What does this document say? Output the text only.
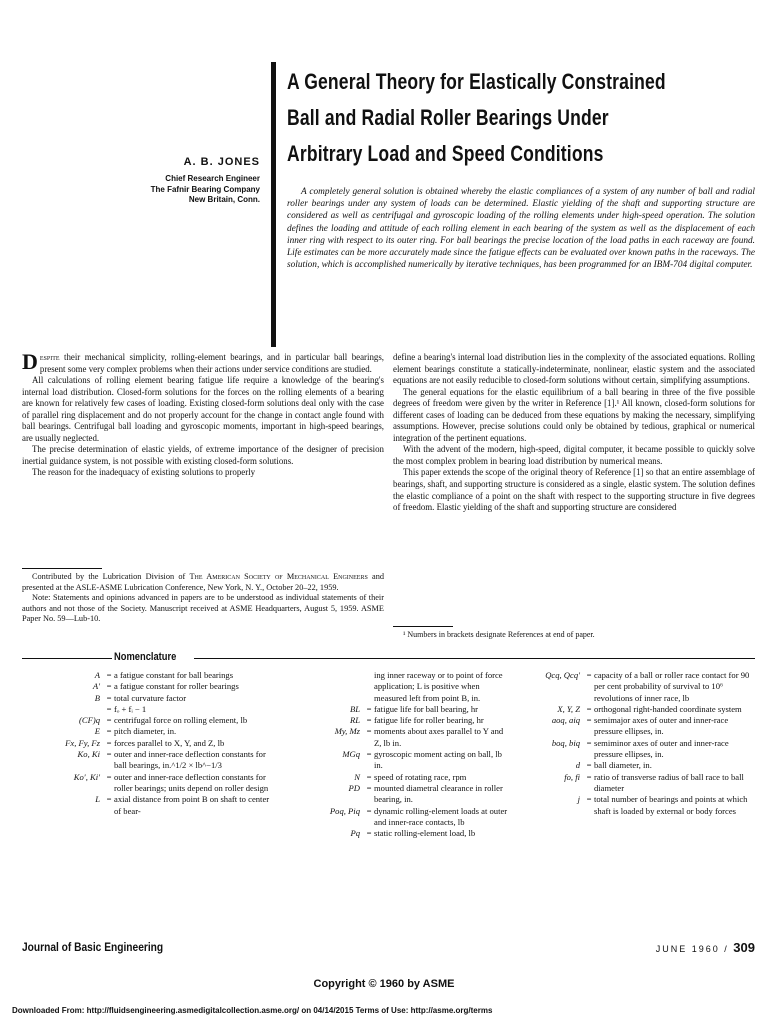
A General Theory for Elastically Constrained
Ball and Radial Roller Bearings Under
Arbitrary Load and Speed Conditions
A. B. JONES
Chief Research Engineer
The Fafnir Bearing Company
New Britain, Conn.
A completely general solution is obtained whereby the elastic compliances of a system of any number of ball and radial roller bearings under any system of loads can be determined. Elastic yielding of the shaft and supporting structure are considered as well as centrifugal and gyroscopic loading of the rolling elements under high-speed operation. The solution defines the loading and attitude of each rolling element in each bearing of the system as well as the displacement of each inner ring with respect to its outer ring. For ball bearings the precise location of the load paths in each raceway are found. Life estimates can be more accurately made since the fatigue effects can be evaluated over known paths in the raceways. The solution, which is accomplished numerically by iterative techniques, has been programmed for an IBM-704 digital computer.

Despite their mechanical simplicity, rolling-element bearings, and in particular ball bearings, present some very complex problems when their actions under service conditions are studied.

All calculations of rolling element bearing fatigue life require a knowledge of the bearing's internal load distribution. Closed-form solutions for the forces on the rolling elements of a bearing are known for relatively few cases of loading. Existing closed-form solutions deal only with the case of parallel ring displacement and do not properly account for the change in contact angle found with ball bearings. Centrifugal ball loading and gyroscopic moments, important in high-speed bearings, are usually neglected.

The precise determination of elastic yields, of extreme importance of the designer of precision inertial guidance system, is not possible with existing closed-form solutions.

The reason for the inadequacy of existing solutions to properly

Contributed by the Lubrication Division of The American Society of Mechanical Engineers and presented at the ASLE-ASME Lubrication Conference, New York, N. Y., October 20–22, 1959.

Note: Statements and opinions advanced in papers are to be understood as individual statements of their authors and not those of the Society. Manuscript received at ASME Headquarters, August 5, 1959. ASME Paper No. 59—Lub-10.

define a bearing's internal load distribution lies in the complexity of the associated equations. Rolling element bearings constitute a statically-indeterminate, nonlinear, elastic system and the associated equations are not easily reducible to closed-form solutions without certain, simplifying assumptions.

The general equations for the elastic equilibrium of a ball bearing in three of the five possible degrees of freedom were given by the writer in Reference [1].¹ All known, closed-form solutions for different cases of loading can be deduced from these equations by making the necessary, simplifying assumptions. However, precise solutions could only be obtained by tedious, graphical or numerical integration of the pertinent equations.

With the advent of the modern, high-speed, digital computer, it became possible to quickly solve the most complex problem in bearing load distribution by numerical means.

This paper extends the scope of the original theory of Reference [1] so that an entire assemblage of bearings, shaft, and supporting structure is considered as a single, elastic system. The solution defines the elastic compliance of a point on the shaft with respect to the supporting structure in five degrees of freedom. Elastic yielding of the shaft and supporting structure are considered

¹ Numbers in brackets designate References at end of paper.
Nomenclature
A = a fatigue constant for ball bearings
A′ = a fatigue constant for roller bearings
B = total curvature factor
= fₒ + fᵢ − 1
(CF)q = centrifugal force on rolling element, lb
E = pitch diameter, in.
Fx, Fy, Fz = forces parallel to X, Y, and Z, lb
Ko, Ki = outer and inner-race deflection constants for ball bearings, in.^1/2 × lb^−1/3
Ko′, Ki′ = outer and inner-race deflection constants for roller bearings; units depend on roller design
L = axial distance from point B on shaft to center of bear-
ing inner raceway or to point of force application; L is positive when measured left from point B, in.
BL = fatigue life for ball bearing, hr
RL = fatigue life for roller bearing, hr
My, Mz = moments about axes parallel to Y and Z, lb in.
MGq = gyroscopic moment acting on ball, lb in.
N = speed of rotating race, rpm
PD = mounted diametral clearance in roller bearing, in.
Poq, Piq = dynamic rolling-element loads at outer and inner-race contacts, lb
Pq = static rolling-element load, lb
Qcq, Qcq′ = capacity of a ball or roller race contact for 90 per cent probability of survival to 10⁶ revolutions of inner race, lb
X, Y, Z = orthogonal right-handed coordinate system
aoq, aiq = semimajor axes of outer and inner-race pressure ellipses, in.
boq, biq = semiminor axes of outer and inner-race pressure ellipses, in.
d = ball diameter, in.
fo, fi = ratio of transverse radius of ball race to ball diameter
j = total number of bearings and points at which shaft is loaded by external or body forces
Journal of Basic Engineering	JUNE 1960 / 309
Copyright © 1960 by ASME
Downloaded From: http://fluidsengineering.asmedigitalcollection.asme.org/ on 04/14/2015 Terms of Use: http://asme.org/terms
